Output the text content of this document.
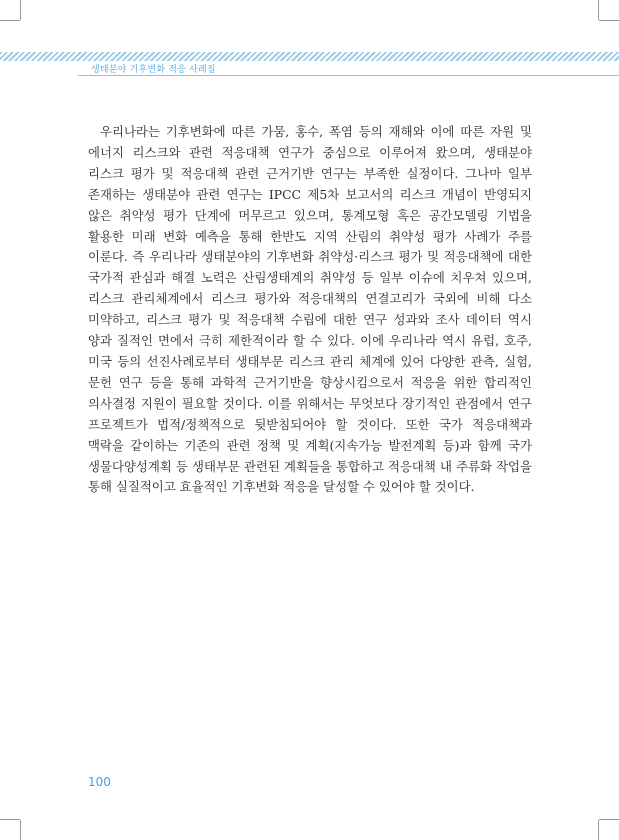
생태분야 기후변화 적응 사례집

우리나라는 기후변화에 따른 가뭄, 홍수, 폭염 등의 재해와 이에 따른 자원 및 에너지 리스크와 관련 적응대책 연구가 중심으로 이루어져 왔으며, 생태분야 리스크 평가 및 적응대책 관련 근거기반 연구는 부족한 실정이다. 그나마 일부 존재하는 생태분야 관련 연구는 IPCC 제5차 보고서의 리스크 개념이 반영되지 않은 취약성 평가 단계에 머무르고 있으며, 통계모형 혹은 공간모델링 기법을 활용한 미래 변화 예측을 통해 한반도 지역 산림의 취약성 평가 사례가 주를 이룬다. 즉 우리나라 생태분야의 기후변화 취약성·리스크 평가 및 적응대책에 대한 국가적 관심과 해결 노력은 산림생태계의 취약성 등 일부 이슈에 치우쳐 있으며, 리스크 관리체계에서 리스크 평가와 적응대책의 연결고리가 국외에 비해 다소 미약하고, 리스크 평가 및 적응대책 수립에 대한 연구 성과와 조사 데이터 역시 양과 질적인 면에서 극히 제한적이라 할 수 있다. 이에 우리나라 역시 유럽, 호주, 미국 등의 선진사례로부터 생태부문 리스크 관리 체계에 있어 다양한 관측, 실험, 문헌 연구 등을 통해 과학적 근거기반을 향상시킴으로서 적응을 위한 합리적인 의사결정 지원이 필요할 것이다. 이를 위해서는 무엇보다 장기적인 관점에서 연구 프로젝트가 법적/정책적으로 뒷받침되어야 할 것이다. 또한 국가 적응대책과 맥락을 같이하는 기존의 관련 정책 및 계획(지속가능 발전계획 등)과 함께 국가 생물다양성계획 등 생태부문 관련된 계획들을 통합하고 적응대책 내 주류화 작업을 통해 실질적이고 효율적인 기후변화 적응을 달성할 수 있어야 할 것이다.

100
